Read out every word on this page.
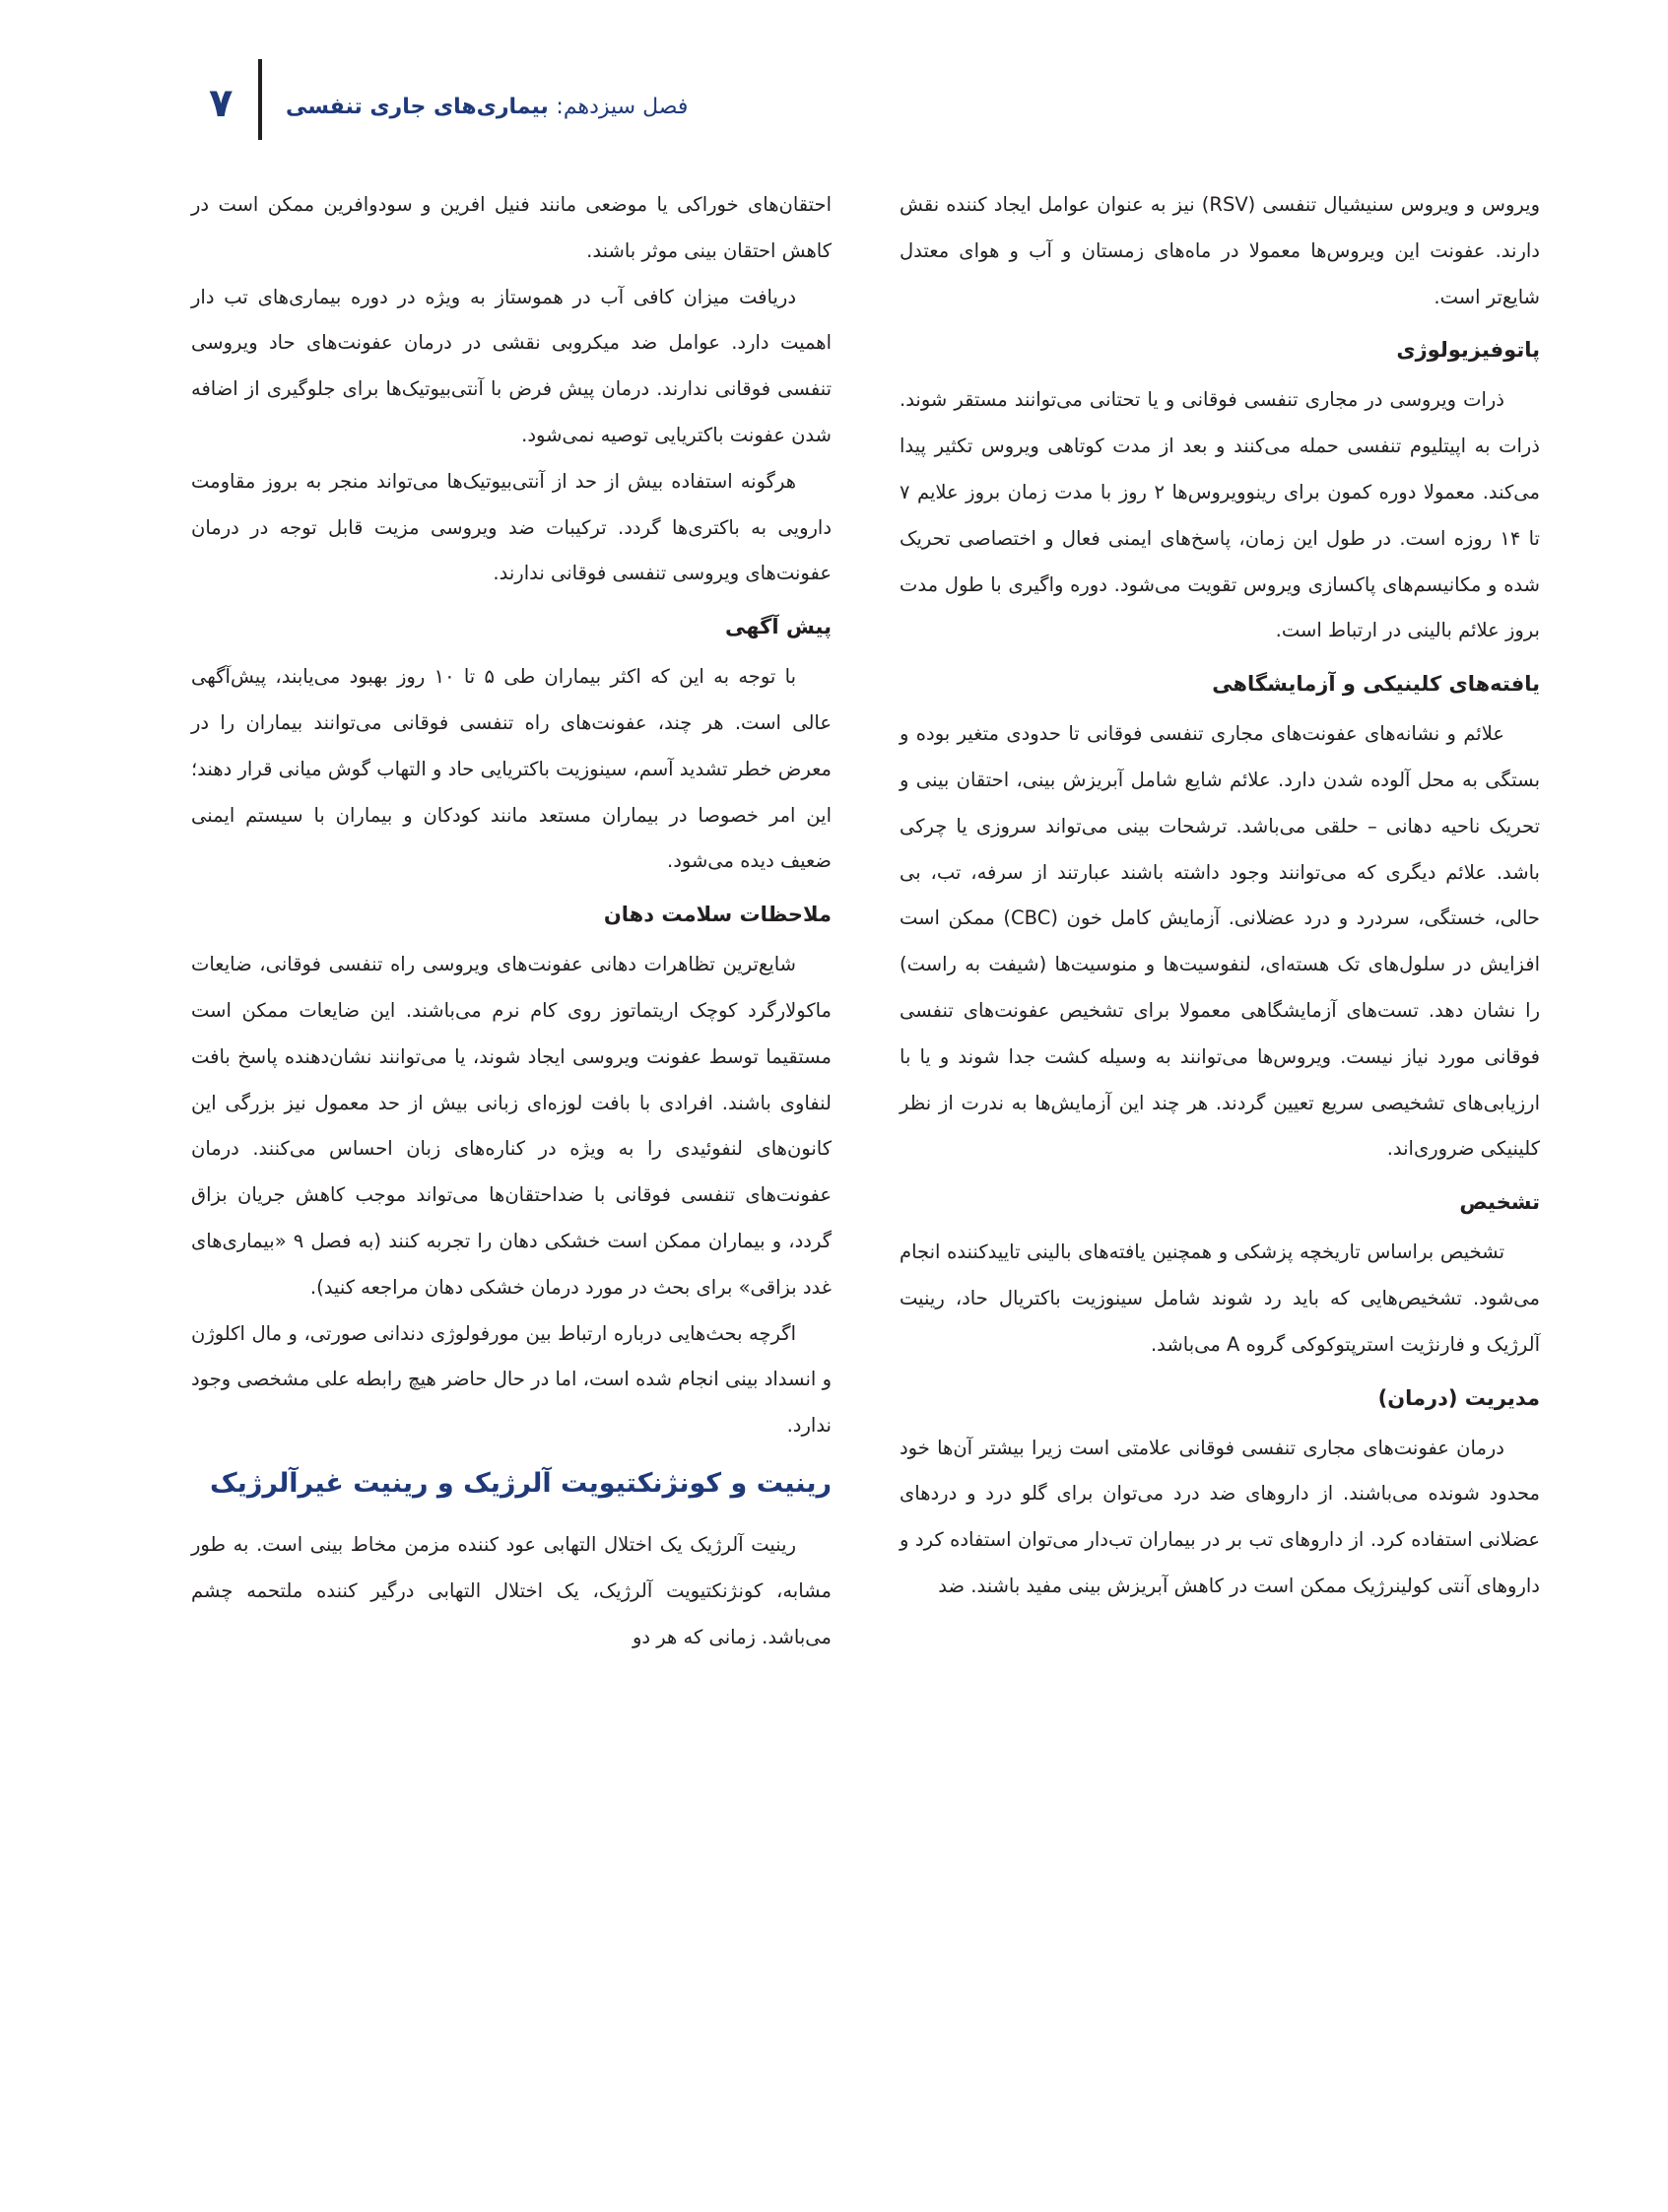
۷	فصل سیزدهم: بیماری‌های جاری تنفسی

ویروس و ویروس سنیشیال تنفسی (RSV) نیز به عنوان عوامل ایجاد کننده نقش دارند. عفونت این ویروس‌ها معمولا در ماه‌های زمستان و آب و هوای معتدل شایع‌تر است.

پاتوفیزیولوژی

ذرات ویروسی در مجاری تنفسی فوقانی و یا تحتانی می‌توانند مستقر شوند. ذرات به اپیتلیوم تنفسی حمله می‌کنند و بعد از مدت کوتاهی ویروس تکثیر پیدا می‌کند. معمولا دوره کمون برای رینوویروس‌ها ۲ روز با مدت زمان بروز علایم ۷ تا ۱۴ روزه است. در طول این زمان، پاسخ‌های ایمنی فعال و اختصاصی تحریک شده و مکانیسم‌های پاکسازی ویروس تقویت می‌شود. دوره واگیری با طول مدت بروز علائم بالینی در ارتباط است.

یافته‌های کلینیکی و آزمایشگاهی

علائم و نشانه‌های عفونت‌های مجاری تنفسی فوقانی تا حدودی متغیر بوده و بستگی به محل آلوده شدن دارد. علائم شایع شامل آبریزش بینی، احتقان بینی و تحریک ناحیه دهانی – حلقی می‌باشد. ترشحات بینی می‌تواند سروزی یا چرکی باشد. علائم دیگری که می‌توانند وجود داشته باشند عبارتند از سرفه، تب، بی حالی، خستگی، سردرد و درد عضلانی. آزمایش کامل خون (CBC) ممکن است افزایش در سلول‌های تک هسته‌ای، لنفوسیت‌ها و منوسیت‌ها (شیفت به راست) را نشان دهد. تست‌های آزمایشگاهی معمولا برای تشخیص عفونت‌های تنفسی فوقانی مورد نیاز نیست. ویروس‌ها می‌توانند به وسیله کشت جدا شوند و یا با ارزیابی‌های تشخیصی سریع تعیین گردند. هر چند این آزمایش‌ها به ندرت از نظر کلینیکی ضروری‌اند.

تشخیص

تشخیص براساس تاریخچه پزشکی و همچنین یافته‌های بالینی تاییدکننده انجام می‌شود. تشخیص‌هایی که باید رد شوند شامل سینوزیت باکتریال حاد، رینیت آلرژیک و فارنژیت استرپتوکوکی گروه A می‌باشد.

مدیریت (درمان)

درمان عفونت‌های مجاری تنفسی فوقانی علامتی است زیرا بیشتر آن‌ها خود محدود شونده می‌باشند. از داروهای ضد درد می‌توان برای گلو درد و دردهای عضلانی استفاده کرد. از داروهای تب بر در بیماران تب‌دار می‌توان استفاده کرد و داروهای آنتی کولینرژیک ممکن است در کاهش آبریزش بینی مفید باشند. ضد

احتقان‌های خوراکی یا موضعی مانند فنیل افرین و سودوافرین ممکن است در کاهش احتقان بینی موثر باشند.

دریافت میزان کافی آب در هموستاز به ویژه در دوره بیماری‌های تب دار اهمیت دارد. عوامل ضد میکروبی نقشی در درمان عفونت‌های حاد ویروسی تنفسی فوقانی ندارند. درمان پیش فرض با آنتی‌بیوتیک‌ها برای جلوگیری از اضافه شدن عفونت باکتریایی توصیه نمی‌شود.

هرگونه استفاده بیش از حد از آنتی‌بیوتیک‌ها می‌تواند منجر به بروز مقاومت دارویی به باکتری‌ها گردد. ترکیبات ضد ویروسی مزیت قابل توجه در درمان عفونت‌های ویروسی تنفسی فوقانی ندارند.

پیش آگهی

با توجه به این که اکثر بیماران طی ۵ تا ۱۰ روز بهبود می‌یابند، پیش‌آگهی عالی است. هر چند، عفونت‌های راه تنفسی فوقانی می‌توانند بیماران را در معرض خطر تشدید آسم، سینوزیت باکتریایی حاد و التهاب گوش میانی قرار دهند؛ این امر خصوصا در بیماران مستعد مانند کودکان و بیماران با سیستم ایمنی ضعیف دیده می‌شود.

ملاحظات سلامت دهان

شایع‌ترین تظاهرات دهانی عفونت‌های ویروسی راه تنفسی فوقانی، ضایعات ماکولارگرد کوچک اریتماتوز روی کام نرم می‌باشند. این ضایعات ممکن است مستقیما توسط عفونت ویروسی ایجاد شوند، یا می‌توانند نشان‌دهنده پاسخ بافت لنفاوی باشند. افرادی با بافت لوزه‌ای زبانی بیش از حد معمول نیز بزرگی این کانون‌های لنفوئیدی را به ویژه در کناره‌های زبان احساس می‌کنند. درمان عفونت‌های تنفسی فوقانی با ضداحتقان‌ها می‌تواند موجب کاهش جریان بزاق گردد، و بیماران ممکن است خشکی دهان را تجربه کنند (به فصل ۹ «بیماری‌های غدد بزاقی» برای بحث در مورد درمان خشکی دهان مراجعه کنید).

اگرچه بحث‌هایی درباره ارتباط بین مورفولوژی دندانی صورتی، و مال اکلوژن و انسداد بینی انجام شده است، اما در حال حاضر هیچ رابطه علی مشخصی وجود ندارد.

رینیت و کونژنکتیویت آلرژیک و رینیت غیرآلرژیک

رینیت آلرژیک یک اختلال التهابی عود کننده مزمن مخاط بینی است. به طور مشابه، کونژنکتیویت آلرژیک، یک اختلال التهابی درگیر کننده ملتحمه چشم می‌باشد. زمانی که هر دو
